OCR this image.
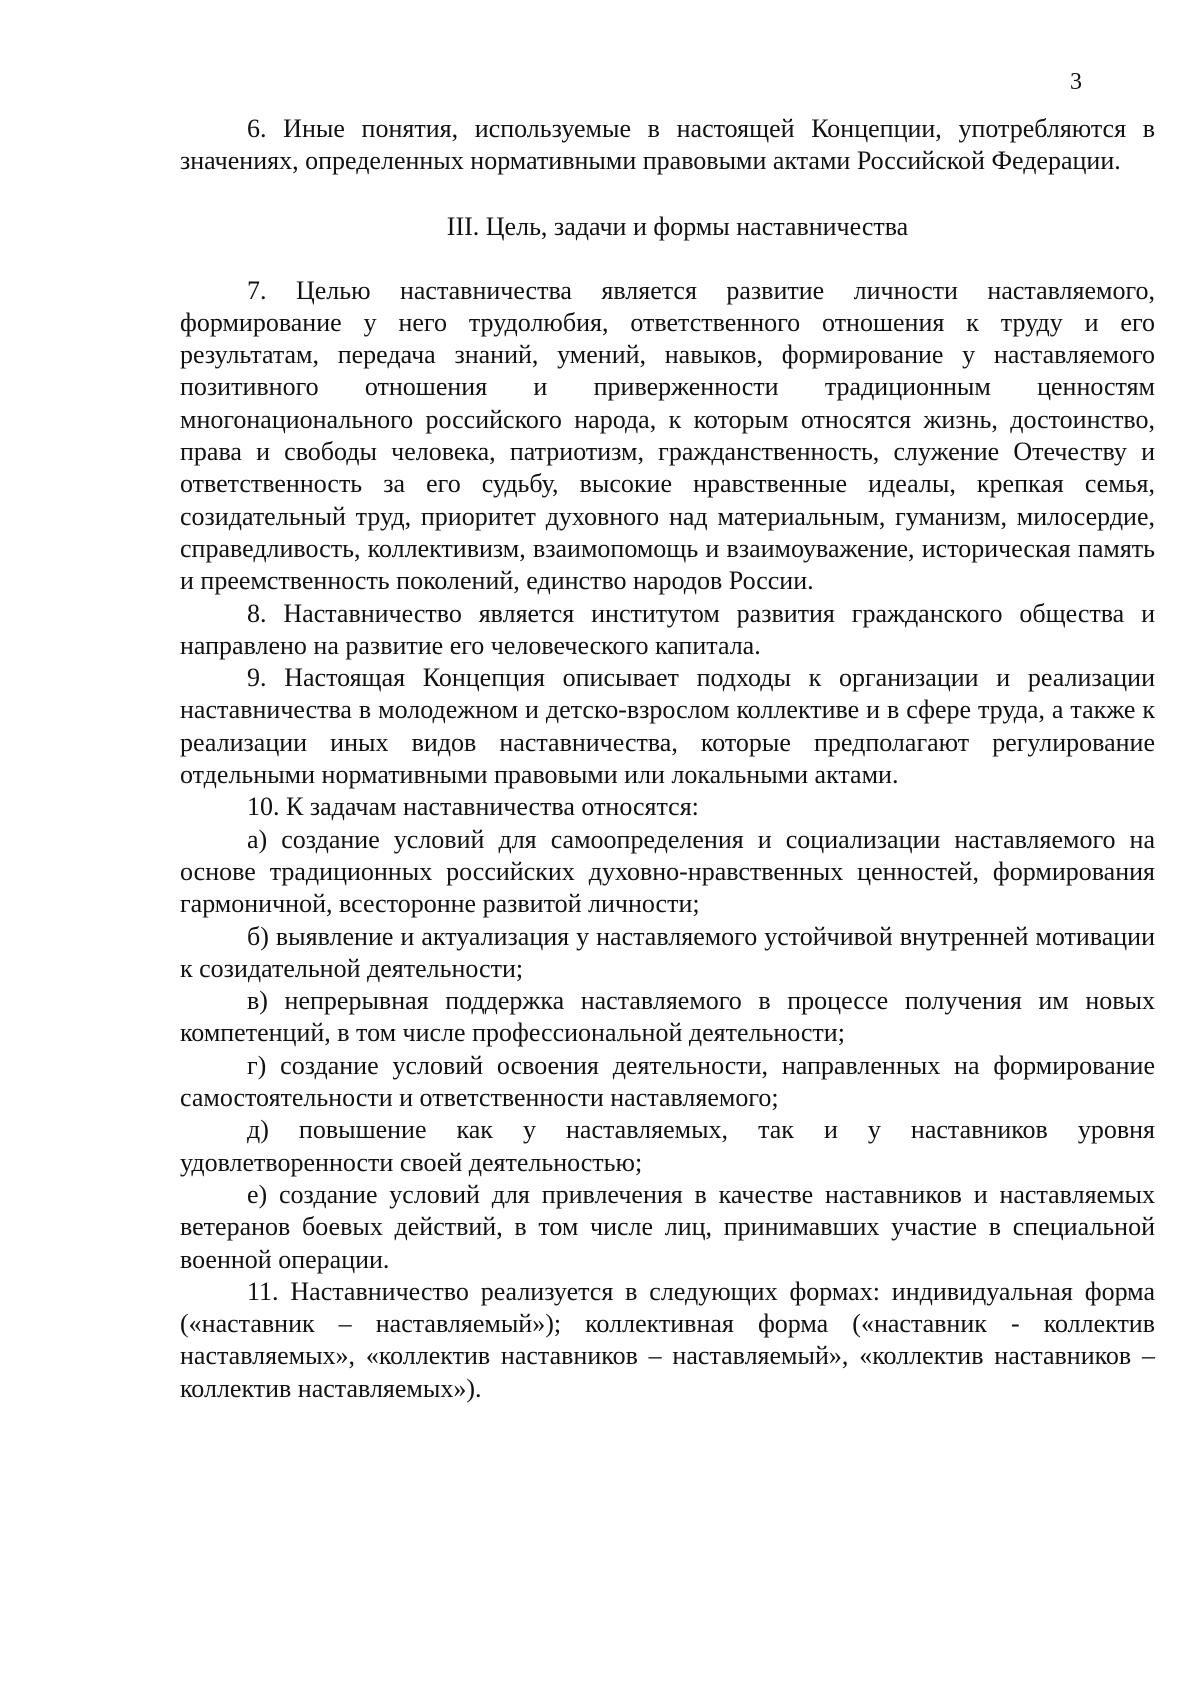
3

6. Иные понятия, используемые в настоящей Концепции, употребляются в значениях, определенных нормативными правовыми актами Российской Федерации.

III. Цель, задачи и формы наставничества

7. Целью наставничества является развитие личности наставляемого, формирование у него трудолюбия, ответственного отношения к труду и его результатам, передача знаний, умений, навыков, формирование у наставляемого позитивного отношения и приверженности традиционным ценностям многонационального российского народа, к которым относятся жизнь, достоинство, права и свободы человека, патриотизм, гражданственность, служение Отечеству и ответственность за его судьбу, высокие нравственные идеалы, крепкая семья, созидательный труд, приоритет духовного над материальным, гуманизм, милосердие, справедливость, коллективизм, взаимопомощь и взаимоуважение, историческая память и преемственность поколений, единство народов России.

8. Наставничество является институтом развития гражданского общества и направлено на развитие его человеческого капитала.

9. Настоящая Концепция описывает подходы к организации и реализации наставничества в молодежном и детско-взрослом коллективе и в сфере труда, а также к реализации иных видов наставничества, которые предполагают регулирование отдельными нормативными правовыми или локальными актами.

10. К задачам наставничества относятся:

а) создание условий для самоопределения и социализации наставляемого на основе традиционных российских духовно-нравственных ценностей, формирования гармоничной, всесторонне развитой личности;

б) выявление и актуализация у наставляемого устойчивой внутренней мотивации к созидательной деятельности;

в) непрерывная поддержка наставляемого в процессе получения им новых компетенций, в том числе профессиональной деятельности;

г) создание условий освоения деятельности, направленных на формирование самостоятельности и ответственности наставляемого;

д) повышение как у наставляемых, так и у наставников уровня удовлетворенности своей деятельностью;

е) создание условий для привлечения в качестве наставников и наставляемых ветеранов боевых действий, в том числе лиц, принимавших участие в специальной военной операции.

11. Наставничество реализуется в следующих формах: индивидуальная форма («наставник – наставляемый»); коллективная форма («наставник - коллектив наставляемых», «коллектив наставников – наставляемый», «коллектив наставников – коллектив наставляемых»).
